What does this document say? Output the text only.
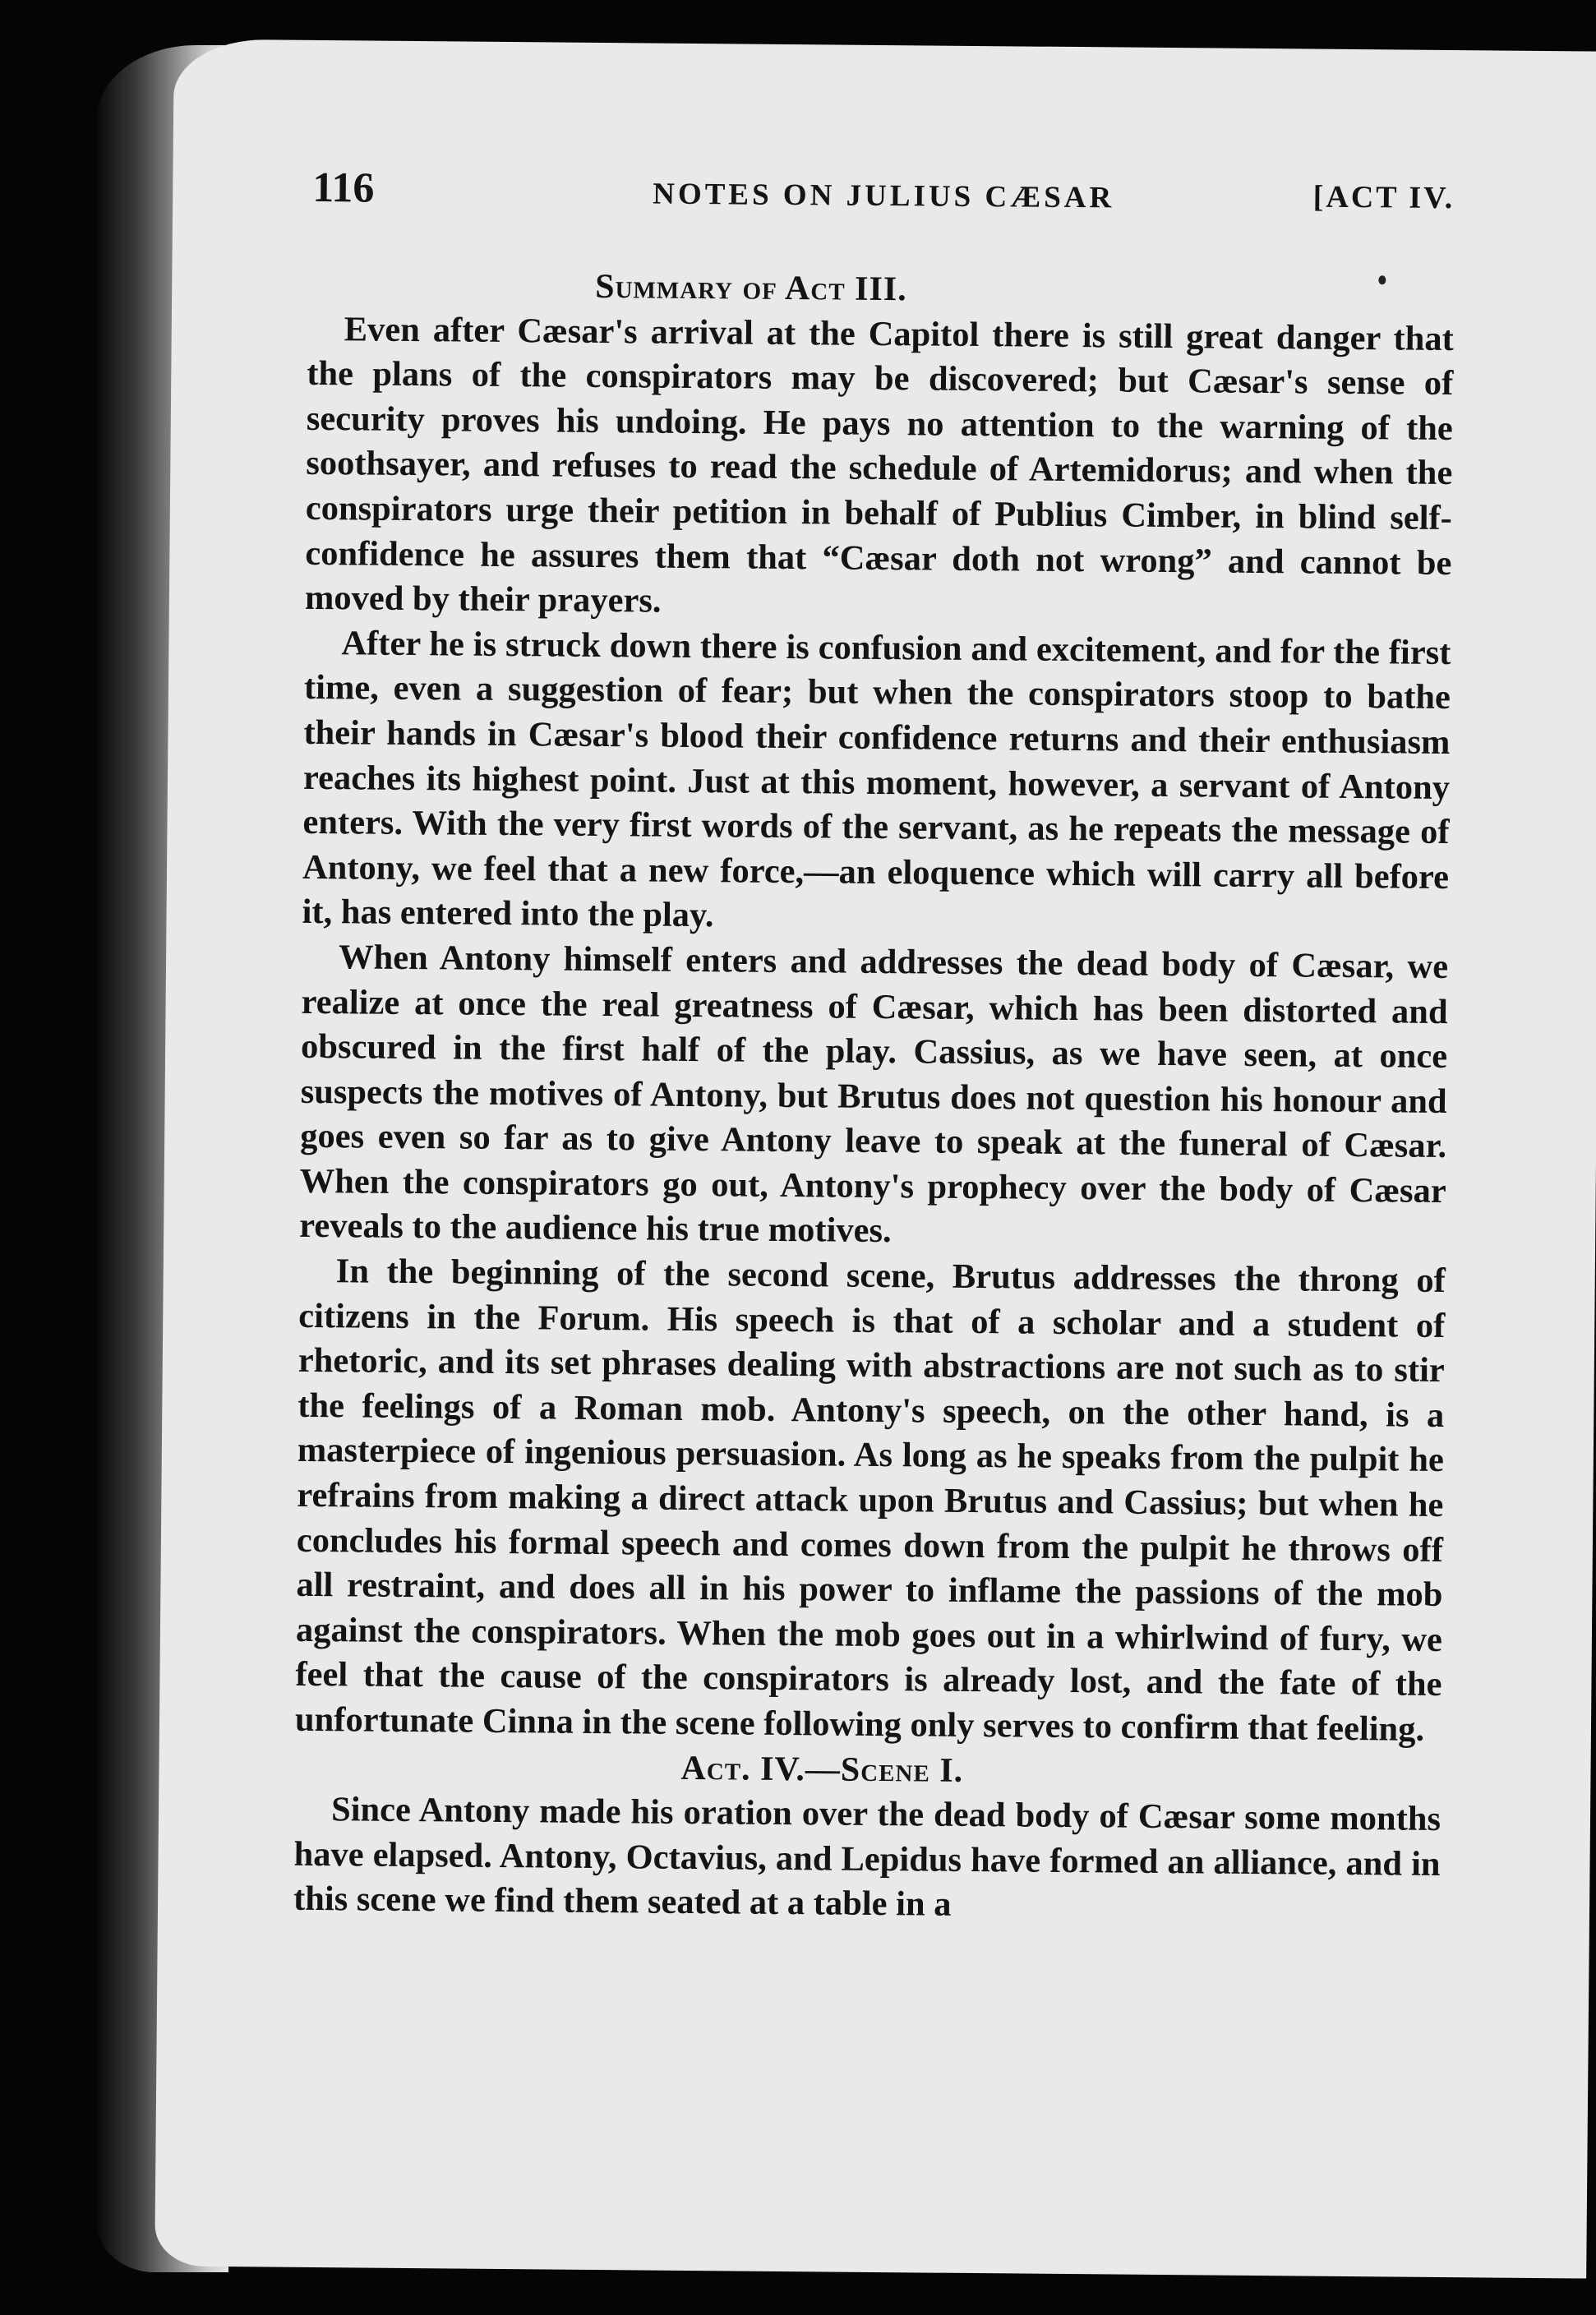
116	NOTES ON JULIUS CÆSAR	[ACT IV.

Summary of Act III.

Even after Cæsar's arrival at the Capitol there is still great danger that the plans of the conspirators may be discovered; but Cæsar's sense of security proves his undoing. He pays no attention to the warning of the soothsayer, and refuses to read the schedule of Artemidorus; and when the conspirators urge their petition in behalf of Publius Cimber, in blind self-confidence he assures them that “Cæsar doth not wrong” and cannot be moved by their prayers.

After he is struck down there is confusion and excitement, and for the first time, even a suggestion of fear; but when the conspirators stoop to bathe their hands in Cæsar's blood their confidence returns and their enthusiasm reaches its highest point. Just at this moment, however, a servant of Antony enters. With the very first words of the servant, as he repeats the message of Antony, we feel that a new force,—an eloquence which will carry all before it, has entered into the play.

When Antony himself enters and addresses the dead body of Cæsar, we realize at once the real greatness of Cæsar, which has been distorted and obscured in the first half of the play. Cassius, as we have seen, at once suspects the motives of Antony, but Brutus does not question his honour and goes even so far as to give Antony leave to speak at the funeral of Cæsar. When the conspirators go out, Antony's prophecy over the body of Cæsar reveals to the audience his true motives.

In the beginning of the second scene, Brutus addresses the throng of citizens in the Forum. His speech is that of a scholar and a student of rhetoric, and its set phrases dealing with abstractions are not such as to stir the feelings of a Roman mob. Antony's speech, on the other hand, is a masterpiece of ingenious persuasion. As long as he speaks from the pulpit he refrains from making a direct attack upon Brutus and Cassius; but when he concludes his formal speech and comes down from the pulpit he throws off all restraint, and does all in his power to inflame the passions of the mob against the conspirators. When the mob goes out in a whirlwind of fury, we feel that the cause of the conspirators is already lost, and the fate of the unfortunate Cinna in the scene following only serves to confirm that feeling.

Act. IV.—Scene I.

Since Antony made his oration over the dead body of Cæsar some months have elapsed. Antony, Octavius, and Lepidus have formed an alliance, and in this scene we find them seated at a table in a
